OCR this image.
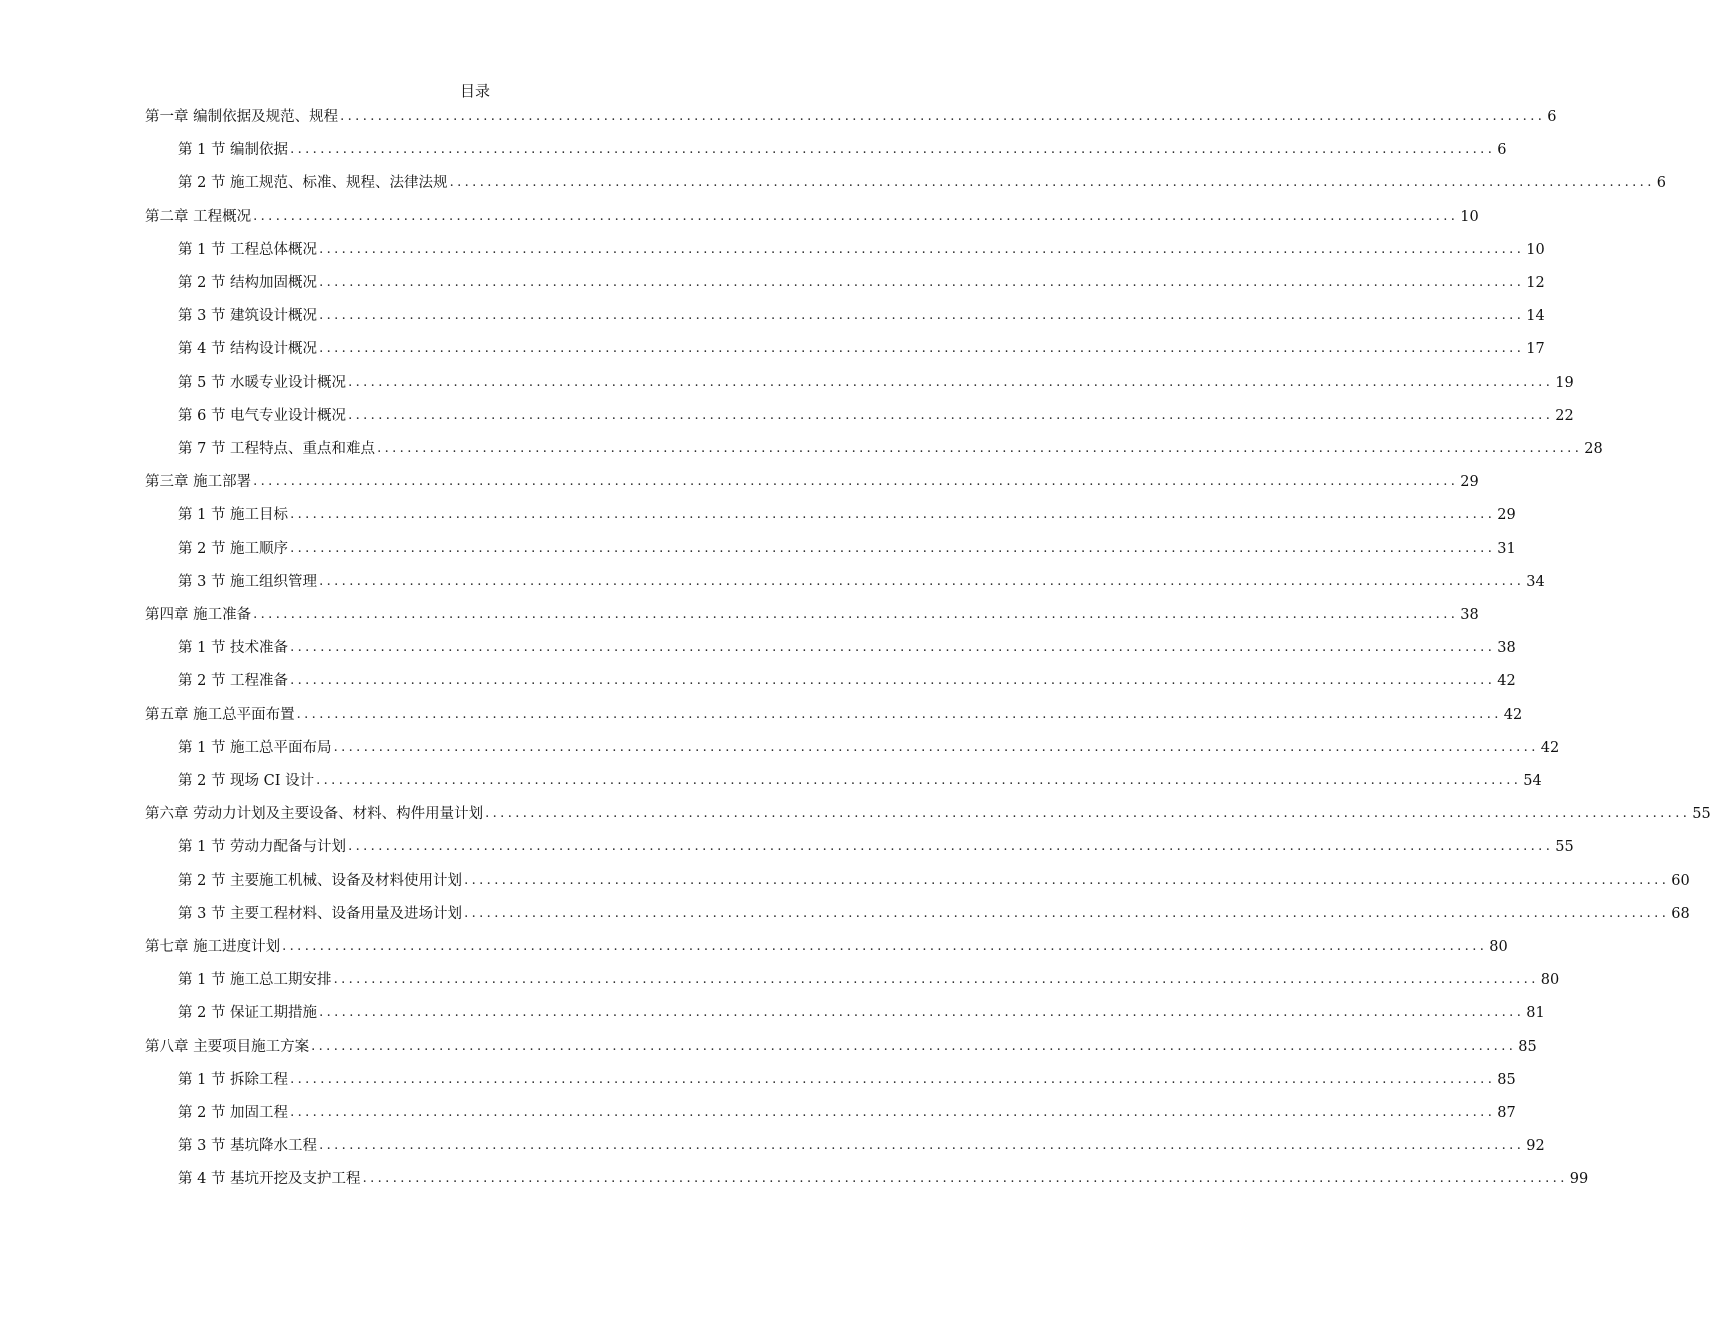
目录
第一章 编制依据及规范、规程 ................................................................................................................................................................ 6
第 1 节 编制依据 ................................................................................................................................................................ 6
第 2 节 施工规范、标准、规程、法律法规 ................................................................................................................................................................ 6
第二章 工程概况 ................................................................................................................................................................ 10
第 1 节 工程总体概况 ................................................................................................................................................................ 10
第 2 节 结构加固概况 ................................................................................................................................................................ 12
第 3 节 建筑设计概况 ................................................................................................................................................................ 14
第 4 节 结构设计概况 ................................................................................................................................................................ 17
第 5 节 水暖专业设计概况 ................................................................................................................................................................ 19
第 6 节 电气专业设计概况 ................................................................................................................................................................ 22
第 7 节 工程特点、重点和难点 ................................................................................................................................................................ 28
第三章 施工部署 ................................................................................................................................................................ 29
第 1 节 施工目标 ................................................................................................................................................................ 29
第 2 节 施工顺序 ................................................................................................................................................................ 31
第 3 节 施工组织管理 ................................................................................................................................................................ 34
第四章 施工准备 ................................................................................................................................................................ 38
第 1 节 技术准备 ................................................................................................................................................................ 38
第 2 节 工程准备 ................................................................................................................................................................ 42
第五章 施工总平面布置 ................................................................................................................................................................ 42
第 1 节 施工总平面布局 ................................................................................................................................................................ 42
第 2 节 现场 CI 设计 ................................................................................................................................................................ 54
第六章 劳动力计划及主要设备、材料、构件用量计划 ................................................................................................................................................................ 55
第 1 节 劳动力配备与计划 ................................................................................................................................................................ 55
第 2 节 主要施工机械、设备及材料使用计划 ................................................................................................................................................................ 60
第 3 节 主要工程材料、设备用量及进场计划 ................................................................................................................................................................ 68
第七章 施工进度计划 ................................................................................................................................................................ 80
第 1 节 施工总工期安排 ................................................................................................................................................................ 80
第 2 节 保证工期措施 ................................................................................................................................................................ 81
第八章 主要项目施工方案 ................................................................................................................................................................ 85
第 1 节 拆除工程 ................................................................................................................................................................ 85
第 2 节 加固工程 ................................................................................................................................................................ 87
第 3 节 基坑降水工程 ................................................................................................................................................................ 92
第 4 节 基坑开挖及支护工程 ................................................................................................................................................................ 99
